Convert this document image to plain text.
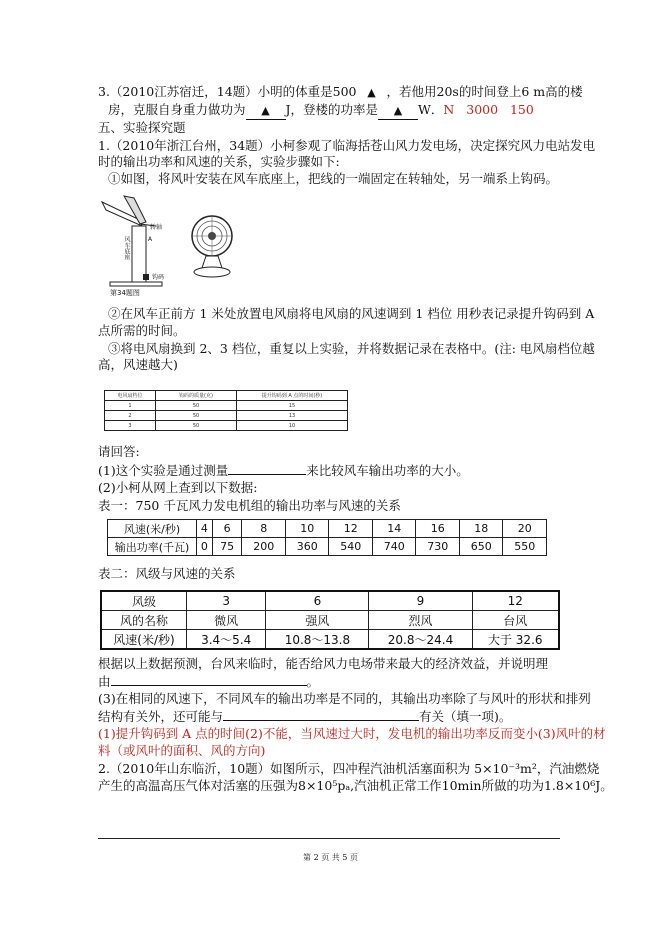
3.（2010江苏宿迁，14题）小明的体重是500 ▲ ，若他用20s的时间登上6 m高的楼
房，克服自身重力做功为 ▲ J，登楼的功率是 ▲ W．N   3000   150
五、实验探究题
1.（2010年浙江台州，34题）小柯参观了临海括苍山风力发电场，决定探究风力电站发电
时的输出功率和风速的关系，实验步骤如下:
①如图，将风叶安装在风车底座上，把线的一端固定在转轴处，另一端系上钩码。
转轴
风车底座
钩码
A
第34题图
②在风车正前方 1 米处放置电风扇将电风扇的风速调到 1 档位 用秒表记录提升钩码到 A
点所需的时间。
③将电风扇换到 2、3 档位，重复以上实验，并将数据记录在表格中。(注: 电风扇档位越
高，风速越大)
电风扇档位	钩码的质量(克)	提升钩码到 A 点的时间(秒)
1	50	15
2	50	13
3	50	10
请回答:
(1)这个实验是通过测量	来比较风车输出功率的大小。
(2)小柯从网上查到以下数据:
表一：750 千瓦风力发电机组的输出功率与风速的关系
风速(米/秒)	4	6	8	10	12	14	16	18	20
输出功率(千瓦)	0	75	200	360	540	740	730	650	550
表二：风级与风速的关系
风级	3	6	9	12
风的名称	微风	强风	烈风	台风
风速(米/秒)	3.4～5.4	10.8～13.8	20.8～24.4	大于 32.6
根据以上数据预测，台风来临时，能否给风力电场带来最大的经济效益，并说明理
由	。
(3)在相同的风速下，不同风车的输出功率是不同的，其输出功率除了与风叶的形状和排列
结构有关外，还可能与	有关（填一项)。
(1)提升钩码到 A 点的时间(2)不能，当风速过大时，发电机的输出功率反而变小(3)风叶的材
料（或风叶的面积、风的方向)
2.（2010年山东临沂，10题）如图所示，四冲程汽油机活塞面积为 5×10⁻³m²，汽油燃烧
产生的高温高压气体对活塞的压强为8×10⁵pₐ,汽油机正常工作10min所做的功为1.8×10⁶J。
第 2 页 共 5 页
